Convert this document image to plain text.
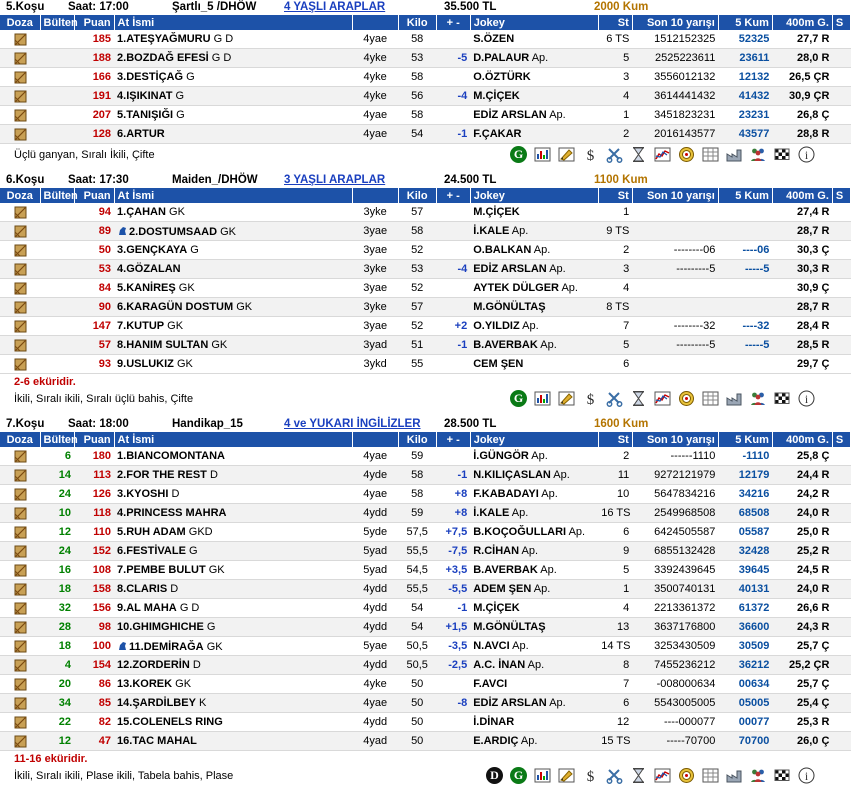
5.Koşu	Saat: 17:00	Şartlı_5 /DHÖW	4 YAŞLI ARAPLAR	35.500 TL	2000 Kum
Doza	Bülten	Puan	At İsmi		Kilo	+ -	Jokey	St	Son 10 yarışı	5 Kum	400m G.	S

		185	1.ATEŞYAĞMURU G D	4yae	58		S.ÖZEN	6 TS	1512152325	52325	27,7 R	

		188	2.BOZDAĞ EFESİ G D	4yke	53	-5	D.PALAUR Ap.	5	2525223611	23611	28,0 R	

		166	3.DESTİÇAĞ G	4yke	58		O.ÖZTÜRK	3	3556012132	12132	26,5 ÇR	

		191	4.IŞIKINAT G	4yke	56	-4	M.ÇİÇEK	4	3614441432	41432	30,9 ÇR	

		207	5.TANIŞIĞI G	4yae	58		EDİZ ARSLAN Ap.	1	3451823231	23231	26,8 Ç	

		128	6.ARTUR	4yae	54	-1	F.ÇAKAR	2	2016143577	43577	28,8 R	
Üçlü ganyan, Sıralı İkili, Çifte	G	$	i
6.Koşu	Saat: 17:30	Maiden_/DHÖW	3 YAŞLI ARAPLAR	24.500 TL	1100 Kum
Doza	Bülten	Puan	At İsmi		Kilo	+ -	Jokey	St	Son 10 yarışı	5 Kum	400m G.	S

		94	1.ÇAHAN GK	3yke	57		M.ÇİÇEK	1			27,4 R	

		89	2.DOSTUMSAAD GK	3yae	58		İ.KALE Ap.	9 TS			28,7 R	

		50	3.GENÇKAYA G	3yae	52		O.BALKAN Ap.	2	--------06	----06	30,3 Ç	

		53	4.GÖZALAN	3yke	53	-4	EDİZ ARSLAN Ap.	3	---------5	-----5	30,3 R	

		84	5.KANİREŞ GK	3yae	52		AYTEK DÜLGER Ap.	4			30,9 Ç	

		90	6.KARAGÜN DOSTUM GK	3yke	57		M.GÖNÜLTAŞ	8 TS			28,7 R	

		147	7.KUTUP GK	3yae	52	+2	O.YILDIZ Ap.	7	--------32	----32	28,4 R	

		57	8.HANIM SULTAN GK	3yad	51	-1	B.AVERBAK Ap.	5	---------5	-----5	28,5 R	

		93	9.USLUKIZ GK	3ykd	55		CEM ŞEN	6			29,7 Ç	
2-6 eküridir.
İkili, Sıralı ikili, Sıralı üçlü bahis, Çifte	G	$	i
7.Koşu	Saat: 18:00	Handikap_15	4 ve YUKARI İNGİLİZLER	28.500 TL	1600 Kum
Doza	Bülten	Puan	At İsmi		Kilo	+ -	Jokey	St	Son 10 yarışı	5 Kum	400m G.	S

	6	180	1.BIANCOMONTANA	4yae	59		İ.GÜNGÖR Ap.	2	------1110	-1110	25,8 Ç	

	14	113	2.FOR THE REST D	4yde	58	-1	N.KILIÇASLAN Ap.	11	9272121979	12179	24,4 R	

	24	126	3.KYOSHI D	4yae	58	+8	F.KABADAYI Ap.	10	5647834216	34216	24,2 R	

	10	118	4.PRINCESS MAHRA	4ydd	59	+8	İ.KALE Ap.	16 TS	2549968508	68508	24,0 R	

	12	110	5.RUH ADAM GKD	5yde	57,5	+7,5	B.KOÇOĞULLARI Ap.	6	6424505587	05587	25,0 R	

	24	152	6.FESTİVALE G	5yad	55,5	-7,5	R.CİHAN Ap.	9	6855132428	32428	25,2 R	

	16	108	7.PEMBE BULUT GK	5yad	54,5	+3,5	B.AVERBAK Ap.	5	3392439645	39645	24,5 R	

	18	158	8.CLARIS D	4ydd	55,5	-5,5	ADEM ŞEN Ap.	1	3500740131	40131	24,0 R	

	32	156	9.AL MAHA G D	4ydd	54	-1	M.ÇİÇEK	4	2213361372	61372	26,6 R	

	28	98	10.GHIMGHICHE G	4ydd	54	+1,5	M.GÖNÜLTAŞ	13	3637176800	36600	24,3 R	

	18	100	11.DEMİRAĞA GK	5yae	50,5	-3,5	N.AVCI Ap.	14 TS	3253430509	30509	25,7 Ç	

	4	154	12.ZORDERİN D	4ydd	50,5	-2,5	A.C. İNAN Ap.	8	7455236212	36212	25,2 ÇR	

	20	86	13.KOREK GK	4yke	50		F.AVCI	7	-008000634	00634	25,7 Ç	

	34	85	14.ŞARDİLBEY K	4yae	50	-8	EDİZ ARSLAN Ap.	6	5543005005	05005	25,4 Ç	

	22	82	15.COLENELS RING	4ydd	50		İ.DİNAR	12	----000077	00077	25,3 R	

	12	47	16.TAC MAHAL	4yad	50		E.ARDIÇ Ap.	15 TS	-----70700	70700	26,0 Ç	
11-16 eküridir.
İkili, Sıralı ikili, Plase ikili, Tabela bahis, Plase	D	G	$	i
